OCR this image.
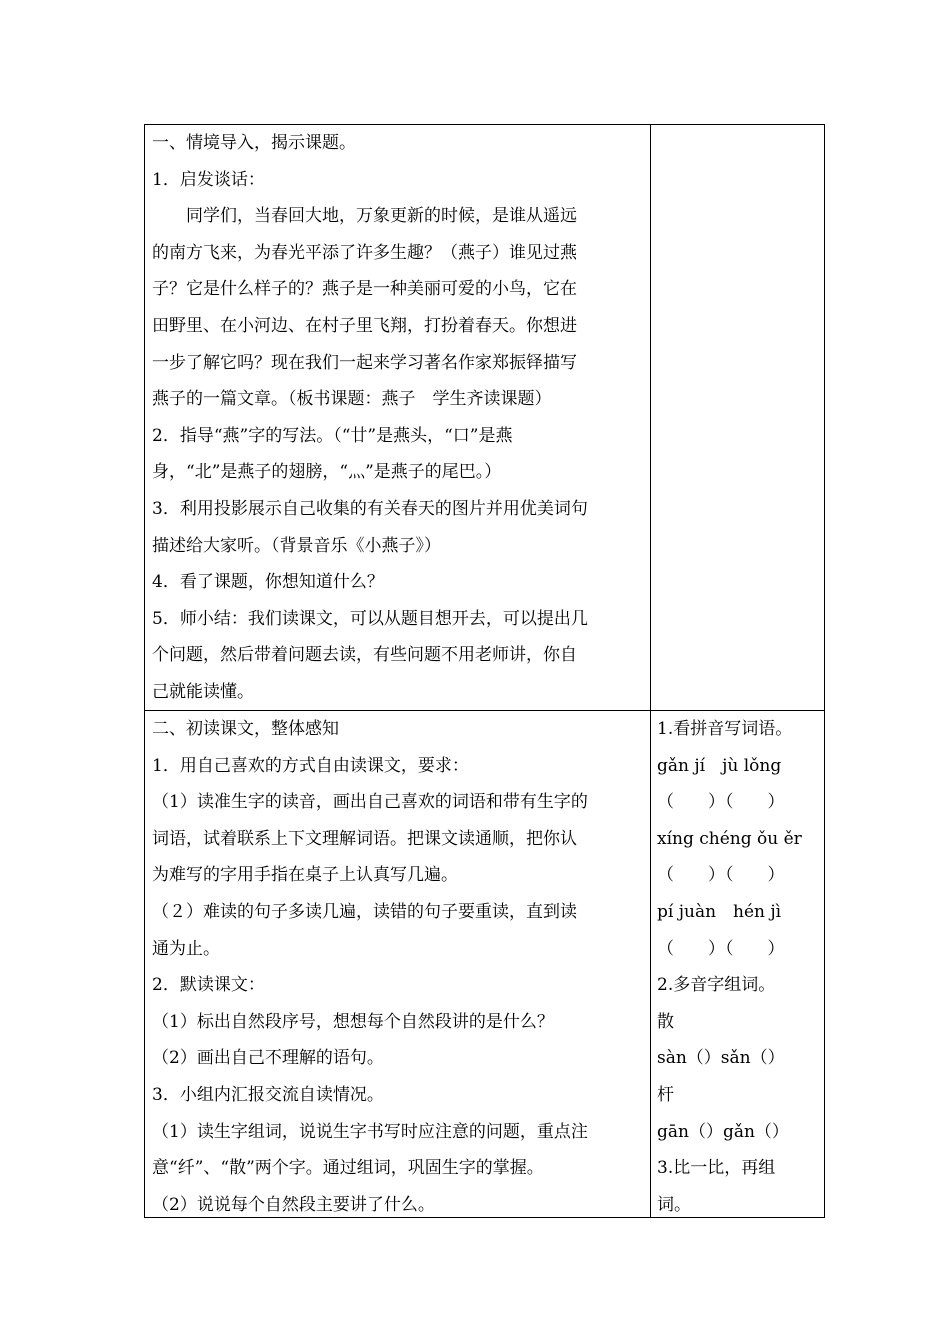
一、情境导入，揭示课题。
1．启发谈话：
同学们，当春回大地，万象更新的时候，是谁从遥远
的南方飞来，为春光平添了许多生趣？（燕子）谁见过燕
子？它是什么样子的？燕子是一种美丽可爱的小鸟，它在
田野里、在小河边、在村子里飞翔，打扮着春天。你想进
一步了解它吗？现在我们一起来学习著名作家郑振铎描写
燕子的一篇文章。（板书课题：燕子　学生齐读课题）
2．指导“燕”字的写法。（“廿”是燕头，“口”是燕
身，“北”是燕子的翅膀，“灬”是燕子的尾巴。）
3．利用投影展示自己收集的有关春天的图片并用优美词句
描述给大家听。（背景音乐《小燕子》）
4．看了课题，你想知道什么？
5．师小结：我们读课文，可以从题目想开去，可以提出几
个问题，然后带着问题去读，有些问题不用老师讲，你自
己就能读懂。
二、初读课文，整体感知
1．用自己喜欢的方式自由读课文，要求：
（1）读准生字的读音，画出自己喜欢的词语和带有生字的
词语，试着联系上下文理解词语。把课文读通顺，把你认
为难写的字用手指在桌子上认真写几遍。
（２）难读的句子多读几遍，读错的句子要重读，直到读
通为止。
2．默读课文：
（1）标出自然段序号，想想每个自然段讲的是什么？
（2）画出自己不理解的语句。
3．小组内汇报交流自读情况。
（1）读生字组词，说说生字书写时应注意的问题，重点注
意“纤”、“散”两个字。通过组词，巩固生字的掌握。
（2）说说每个自然段主要讲了什么。
1.看拼音写词语。
gǎn jí　jù lǒng
（　　）（　　）
xíng chéng ǒu ěr
（　　）（　　）
pí juàn　hén jì
（　　）（　　）
2.多音字组词。
散
sàn（）sǎn（）
杆
gān（）gǎn（）
3.比一比，再组
词。
